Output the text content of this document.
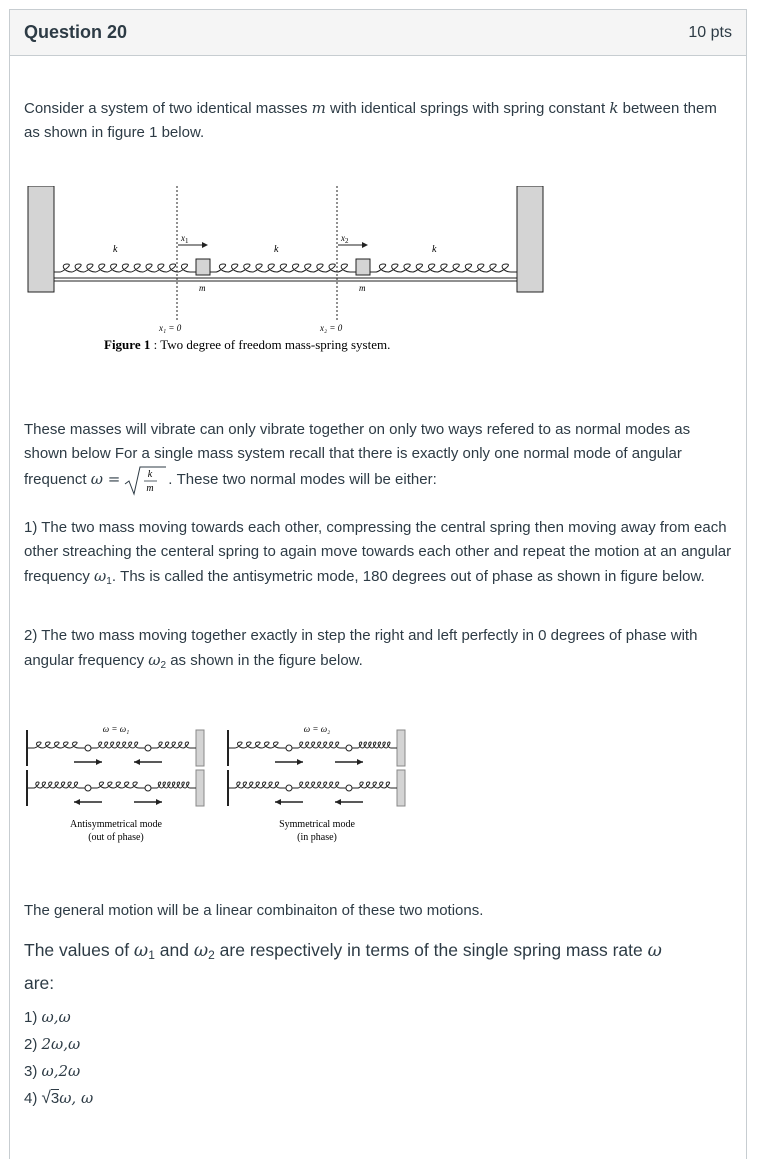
Question 20	10 pts

Consider a system of two identical masses m with identical springs with spring constant k between them as shown in figure 1 below.

k	k	k
$x_1$	$x_2$
m	m
x₁ = 0	x₂ = 0
Figure 1 : Two degree of freedom mass-spring system.

These masses will vibrate can only vibrate together on only two ways refered to as normal modes as shown below For a single mass system recall that there is exactly only one normal mode of angular frequenct ω =	k
m
. These two normal modes will be either:

1) The two mass moving towards each other, compressing the central spring then moving away from each other streaching the centeral spring to again move towards each other and repeat the motion at an angular frequency $\omega_1$. Ths is called the antisymetric mode, 180 degrees out of phase as shown in figure below.

2) The two mass moving together exactly in step the right and left perfectly in 0 degrees of phase with angular frequency $\omega_2$ as shown in the figure below.

ω = ω₁	ω = ω₂
Antisymmetrical mode
(out of phase)
Symmetrical mode
(in phase)

The general motion will be a linear combinaiton of these two motions.

The values of $\omega_1$ and $\omega_2$ are respectively in terms of the single spring mass rate ω
are:

1) ω,ω
2) 2ω,ω
3) ω,2ω
4) √3ω, ω
